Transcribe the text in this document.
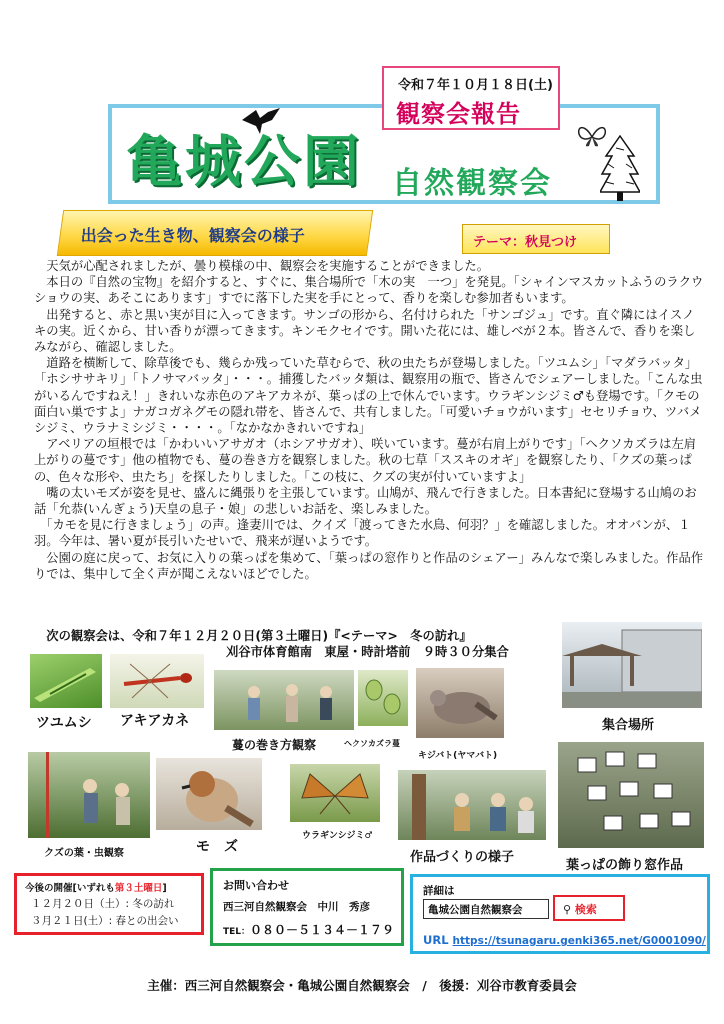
亀城公園 自然観察会
令和７年１０月１８日(土)
観察会報告
出会った生き物、観察会の様子	テーマ：秋見つけ

　天気が心配されましたが、曇り模様の中、観察会を実施することができました。

　本日の『自然の宝物』を紹介すると、すぐに、集合場所で「木の実　一つ」を発見。「シャインマスカットふうのラクウショウの実、あそこにあります」すでに落下した実を手にとって、香りを楽しむ参加者もいます。

　出発すると、赤と黒い実が目に入ってきます。サンゴの形から、名付けられた「サンゴジュ」です。直ぐ隣にはイスノキの実。近くから、甘い香りが漂ってきます。キンモクセイです。開いた花には、雄しべが２本。皆さんで、香りを楽しみながら、確認しました。

　道路を横断して、除草後でも、幾らか残っていた草むらで、秋の虫たちが登場しました。「ツユムシ」「マダラバッタ」「ホシササキリ」「トノサマバッタ」・・・。捕獲したバッタ類は、観察用の瓶で、皆さんでシェアーしました。「こんな虫がいるんですねえ！」きれいな赤色のアキアカネが、葉っぱの上で休んでいます。ウラギンシジミ♂も登場です。「クモの面白い巣ですよ」ナガコガネグモの隠れ帯を、皆さんで、共有しました。「可愛いチョウがいます」セセリチョウ、ツバメシジミ、ウラナミシジミ・・・・。「なかなかきれいですね」

　アベリアの垣根では「かわいいアサガオ（ホシアサガオ）、咲いています。蔓が右肩上がりです」「ヘクソカズラは左肩上がりの蔓です」他の植物でも、蔓の巻き方を観察しました。秋の七草「ススキのオギ」を観察したり、「クズの葉っぱの、色々な形や、虫たち」を探したりしました。「この枝に、クズの実が付いていますよ」

　嘴の太いモズが姿を見せ、盛んに縄張りを主張しています。山鳩が、飛んで行きました。日本書紀に登場する山鳩のお話「允恭(いんぎょう)天皇の息子・娘」の悲しいお話を、楽しみました。

　「カモを見に行きましょう」の声。逢妻川では、クイズ「渡ってきた水鳥、何羽？」を確認しました。オオバンが、１羽。今年は、暑い夏が長引いたせいで、飛来が遅いようです。

　公園の庭に戻って、お気に入りの葉っぱを集めて、「葉っぱの窓作りと作品のシェアー」みんなで楽しみました。作品作りでは、集中して全く声が聞こえないほどでした。

　次の観察会は、令和７年１２月２０日(第３土曜日)『<テーマ>　冬の訪れ』
刈谷市体育館南　東屋・時計塔前　９時３０分集合
ツユムシ アキアカネ
蔓の巻き方観察	ヘクソカズラ蔓
キジバト(ヤマバト)
集合場所
クズの葉・虫観察	モ　ズ
ウラギンシジミ♂
作品づくりの様子
葉っぱの飾り窓作品
今後の開催[いずれも第３土曜日]
１２月２０日（土）: 冬の訪れ
３月２１日(土）: 春との出会い
お問い合わせ
西三河自然観察会　中川　秀彦
TEL：０８０－５１３４－１７９
詳細は
亀城公園自然観察会	⚲ 検索
URL https://tsunagaru.genki365.net/G0001090/
主催：西三河自然観察会・亀城公園自然観察会　/　後援：刈谷市教育委員会
